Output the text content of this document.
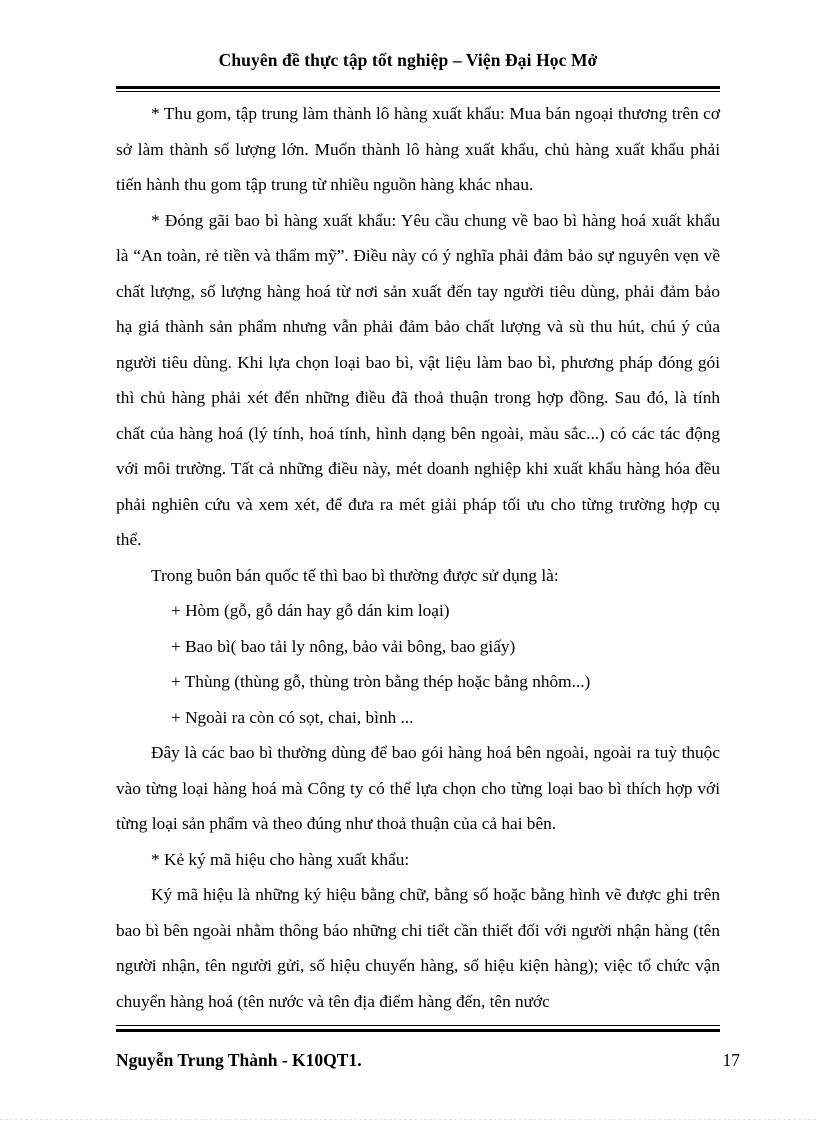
Chuyên đề thực tập tốt nghiệp – Viện Đại Học Mở

* Thu gom, tập trung làm thành lô hàng xuất khẩu: Mua bán ngoại thương trên cơ sở làm thành số lượng lớn. Muốn thành lô hàng xuất khẩu, chủ hàng xuất khẩu phải tiến hành thu gom tập trung từ nhiều nguồn hàng khác nhau.

* Đóng gãi bao bì hàng xuất khẩu: Yêu cầu chung về bao bì hàng hoá xuất khẩu là “An toàn, rẻ tiền và thẩm mỹ”. Điều này có ý nghĩa phải đảm bảo sự nguyên vẹn về chất lượng, số lượng hàng hoá từ nơi sản xuất đến tay người tiêu dùng, phải đảm bảo hạ giá thành sản phẩm nhưng vẫn phải đảm bảo chất lượng và sù thu hút, chú ý của người tiêu dùng. Khi lựa chọn loại bao bì, vật liệu làm bao bì, phương pháp đóng gói thì chủ hàng phải xét đến những điều đã thoả thuận trong hợp đồng. Sau đó, là tính chất của hàng hoá (lý tính, hoá tính, hình dạng bên ngoài, màu sắc...) có các tác động với môi trường. Tất cả những điều này, mét doanh nghiệp khi xuất khẩu hàng hóa đều phải nghiên cứu và xem xét, để đưa ra mét giải pháp tối ưu cho từng trường hợp cụ thể.

Trong buôn bán quốc tế thì bao bì thường được sử dụng là:

+ Hòm (gỗ, gỗ dán hay gỗ dán kim loại)

+ Bao bì( bao tải ly nông, bảo vải bông, bao giấy)

+ Thùng (thùng gỗ, thùng tròn bằng thép hoặc bằng nhôm...)

+ Ngoài ra còn có sọt, chai, bình ...

Đây là các bao bì thường dùng để bao gói hàng hoá bên ngoài, ngoài ra tuỳ thuộc vào từng loại hàng hoá mà Công ty có thể lựa chọn cho từng loại bao bì thích hợp với từng loại sản phẩm và theo đúng như thoả thuận của cả hai bên.

* Kẻ ký mã hiệu cho hàng xuất khẩu:

Ký mã hiệu là những ký hiệu bằng chữ, bằng số hoặc bằng hình vẽ được ghi trên bao bì bên ngoài nhằm thông báo những chi tiết cần thiết đối với người nhận hàng (tên người nhận, tên người gửi, số hiệu chuyến hàng, số hiệu kiện hàng); việc tổ chức vận chuyển hàng hoá (tên nước và tên địa điểm hàng đến, tên nước

Nguyễn Trung Thành - K10QT1.	17
